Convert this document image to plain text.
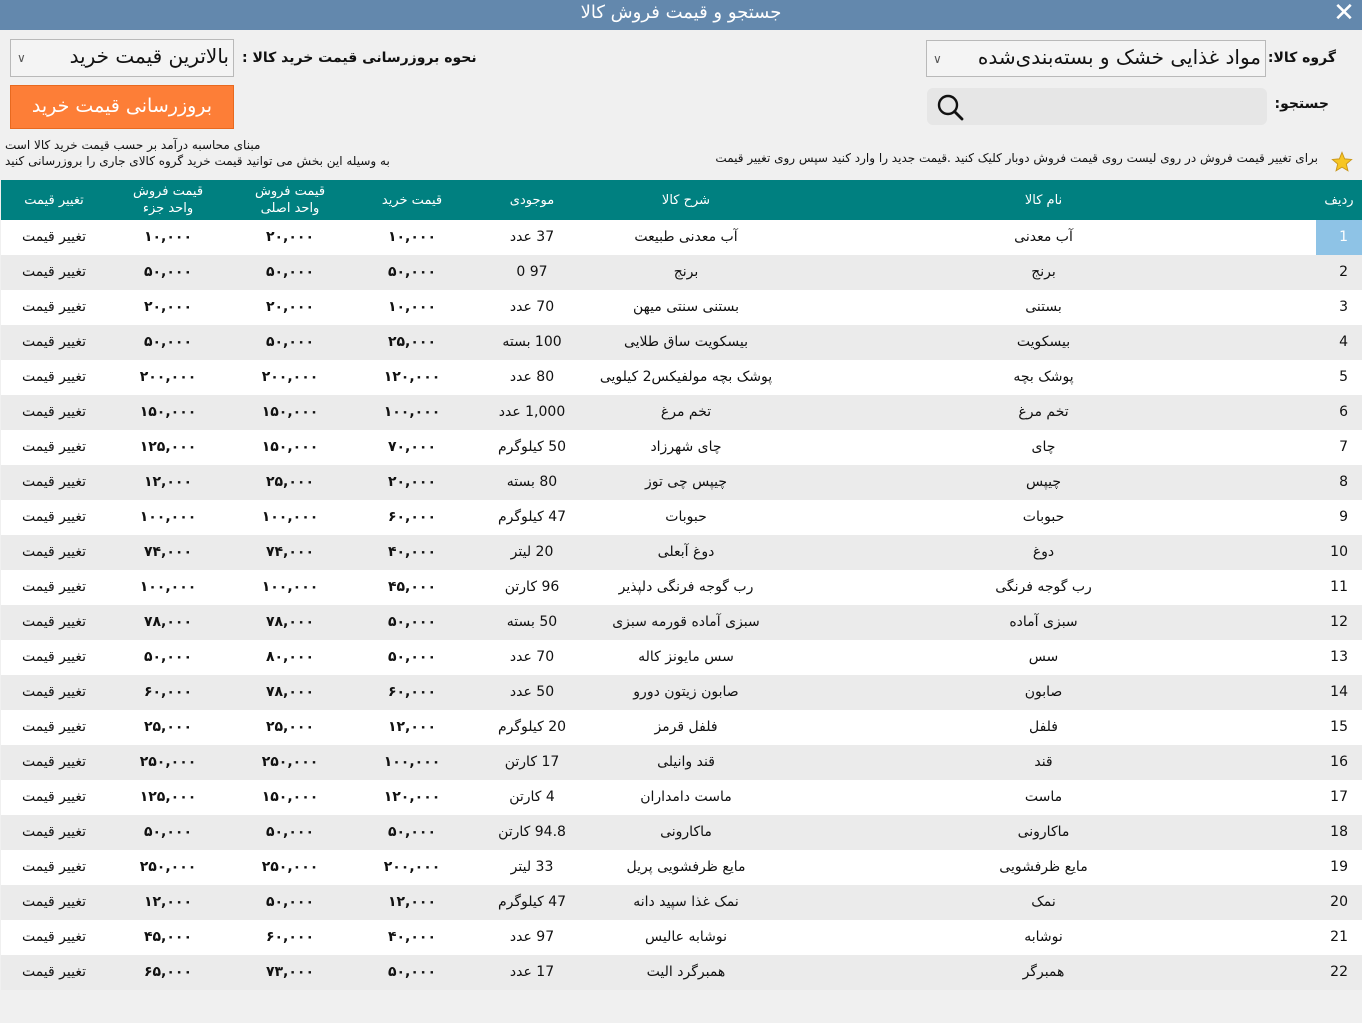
جستجو و قیمت فروش کالا	✕
گروه کالا:
مواد غذایی خشک و بسته‌بندی‌شده
∨
نحوه بروزرسانی قیمت خرید کالا :
بالاترین قیمت خرید
∨
جستجو:
بروزرسانی قیمت خرید
مبنای محاسبه درآمد بر حسب قیمت خرید کالا است
به وسیله این بخش می توانید قیمت خرید گروه کالای جاری را بروزرسانی کنید	برای تغییر قیمت فروش در روی لیست روی قیمت فروش دوبار کلیک کنید .قیمت جدید را وارد کنید سپس روی تغییر قیمت
ردیف
نام کالا
شرح کالا
موجودی
قیمت خرید
قیمت فروش
واحد اصلی
قیمت فروش
واحد جزء
تغییر قیمت
1
آب معدنی
آب معدنی طبیعت
37 عدد
۱۰,۰۰۰
۲۰,۰۰۰
۱۰,۰۰۰
تغییر قیمت
2
برنج
برنج
97 0
۵۰,۰۰۰
۵۰,۰۰۰
۵۰,۰۰۰
تغییر قیمت
3
بستنی
بستنی سنتی میهن
70 عدد
۱۰,۰۰۰
۲۰,۰۰۰
۲۰,۰۰۰
تغییر قیمت
4
بیسکویت
بیسکویت ساق طلایی
100 بسته
۲۵,۰۰۰
۵۰,۰۰۰
۵۰,۰۰۰
تغییر قیمت
5
پوشک بچه
پوشک بچه مولفیکس2 کیلویی
80 عدد
۱۲۰,۰۰۰
۲۰۰,۰۰۰
۲۰۰,۰۰۰
تغییر قیمت
6
تخم مرغ
تخم مرغ
1,000 عدد
۱۰۰,۰۰۰
۱۵۰,۰۰۰
۱۵۰,۰۰۰
تغییر قیمت
7
چای
چای شهرزاد
50 کیلوگرم
۷۰,۰۰۰
۱۵۰,۰۰۰
۱۲۵,۰۰۰
تغییر قیمت
8
چیپس
چیپس چی توز
80 بسته
۲۰,۰۰۰
۲۵,۰۰۰
۱۲,۰۰۰
تغییر قیمت
9
حبوبات
حبوبات
47 کیلوگرم
۶۰,۰۰۰
۱۰۰,۰۰۰
۱۰۰,۰۰۰
تغییر قیمت
10
دوغ
دوغ آبعلی
20 لیتر
۴۰,۰۰۰
۷۴,۰۰۰
۷۴,۰۰۰
تغییر قیمت
11
رب گوجه فرنگی
رب گوجه فرنگی دلپذیر
96 کارتن
۴۵,۰۰۰
۱۰۰,۰۰۰
۱۰۰,۰۰۰
تغییر قیمت
12
سبزی آماده
سبزی آماده قورمه سبزی
50 بسته
۵۰,۰۰۰
۷۸,۰۰۰
۷۸,۰۰۰
تغییر قیمت
13
سس
سس مایونز کاله
70 عدد
۵۰,۰۰۰
۸۰,۰۰۰
۵۰,۰۰۰
تغییر قیمت
14
صابون
صابون زیتون دورو
50 عدد
۶۰,۰۰۰
۷۸,۰۰۰
۶۰,۰۰۰
تغییر قیمت
15
فلفل
فلفل قرمز
20 کیلوگرم
۱۲,۰۰۰
۲۵,۰۰۰
۲۵,۰۰۰
تغییر قیمت
16
قند
قند وانیلی
17 کارتن
۱۰۰,۰۰۰
۲۵۰,۰۰۰
۲۵۰,۰۰۰
تغییر قیمت
17
ماست
ماست دامداران
4 کارتن
۱۲۰,۰۰۰
۱۵۰,۰۰۰
۱۲۵,۰۰۰
تغییر قیمت
18
ماکارونی
ماکارونی
94.8 کارتن
۵۰,۰۰۰
۵۰,۰۰۰
۵۰,۰۰۰
تغییر قیمت
19
مایع ظرفشویی
مایع ظرفشویی پریل
33 لیتر
۲۰۰,۰۰۰
۲۵۰,۰۰۰
۲۵۰,۰۰۰
تغییر قیمت
20
نمک
نمک غذا سپید دانه
47 کیلوگرم
۱۲,۰۰۰
۵۰,۰۰۰
۱۲,۰۰۰
تغییر قیمت
21
نوشابه
نوشابه عالیس
97 عدد
۴۰,۰۰۰
۶۰,۰۰۰
۴۵,۰۰۰
تغییر قیمت
22
همبرگر
همبرگرد الیت
17 عدد
۵۰,۰۰۰
۷۳,۰۰۰
۶۵,۰۰۰
تغییر قیمت
